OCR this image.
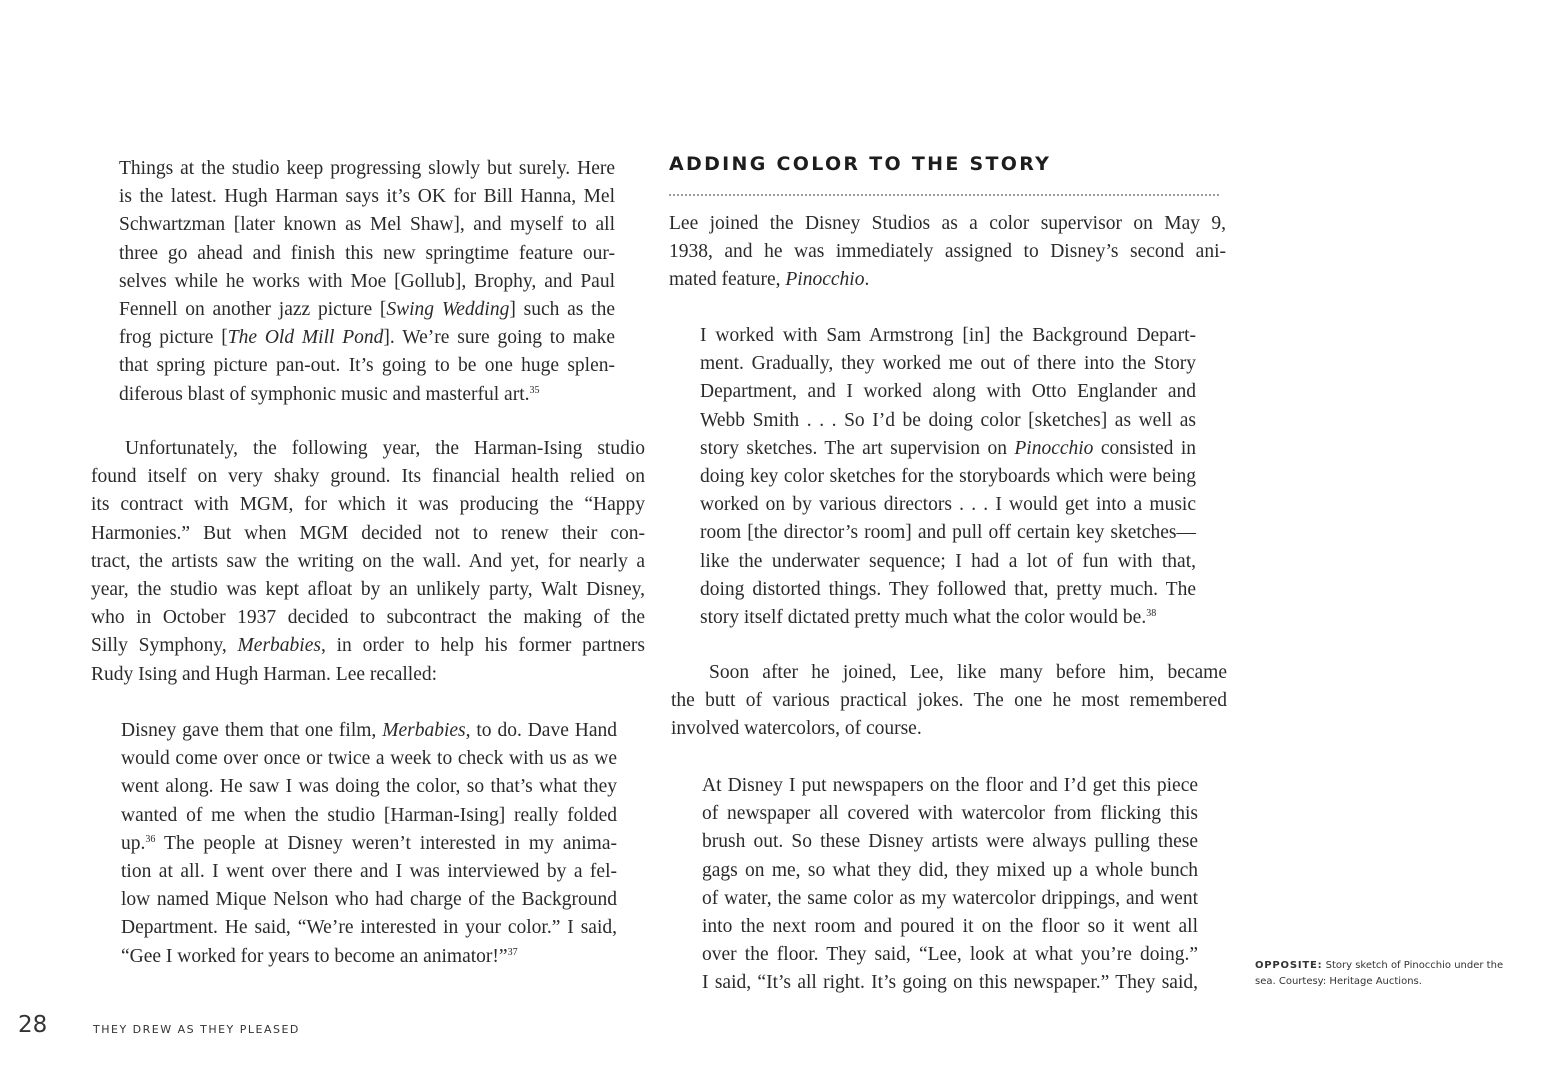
Things at the studio keep progressing slowly but surely. Here
is the latest. Hugh Harman says it’s OK for Bill Hanna, Mel
Schwartzman [later known as Mel Shaw], and myself to all
three go ahead and finish this new springtime feature our-
selves while he works with Moe [Gollub], Brophy, and Paul
Fennell on another jazz picture [Swing Wedding] such as the
frog picture [The Old Mill Pond]. We’re sure going to make
that spring picture pan-out. It’s going to be one huge splen-
diferous blast of symphonic music and masterful art.$^{35}$
Unfortunately, the following year, the Harman-Ising studio
found itself on very shaky ground. Its financial health relied on
its contract with MGM, for which it was producing the “Happy
Harmonies.” But when MGM decided not to renew their con-
tract, the artists saw the writing on the wall. And yet, for nearly a
year, the studio was kept afloat by an unlikely party, Walt Disney,
who in October 1937 decided to subcontract the making of the
Silly Symphony, Merbabies, in order to help his former partners
Rudy Ising and Hugh Harman. Lee recalled:
Disney gave them that one film, Merbabies, to do. Dave Hand
would come over once or twice a week to check with us as we
went along. He saw I was doing the color, so that’s what they
wanted of me when the studio [Harman-Ising] really folded
up.$^{36}$ The people at Disney weren’t interested in my anima-
tion at all. I went over there and I was interviewed by a fel-
low named Mique Nelson who had charge of the Background
Department. He said, “We’re interested in your color.” I said,
“Gee I worked for years to become an animator!”$^{37}$
ADDING COLOR TO THE STORY
Lee joined the Disney Studios as a color supervisor on May 9,
1938, and he was immediately assigned to Disney’s second ani-
mated feature, Pinocchio.
I worked with Sam Armstrong [in] the Background Depart-
ment. Gradually, they worked me out of there into the Story
Department, and I worked along with Otto Englander and
Webb Smith . . . So I’d be doing color [sketches] as well as
story sketches. The art supervision on Pinocchio consisted in
doing key color sketches for the storyboards which were being
worked on by various directors . . . I would get into a music
room [the director’s room] and pull off certain key sketches—
like the underwater sequence; I had a lot of fun with that,
doing distorted things. They followed that, pretty much. The
story itself dictated pretty much what the color would be.$^{38}$
Soon after he joined, Lee, like many before him, became
the butt of various practical jokes. The one he most remembered
involved watercolors, of course.
At Disney I put newspapers on the floor and I’d get this piece
of newspaper all covered with watercolor from flicking this
brush out. So these Disney artists were always pulling these
gags on me, so what they did, they mixed up a whole bunch
of water, the same color as my watercolor drippings, and went
into the next room and poured it on the floor so it went all
over the floor. They said, “Lee, look at what you’re doing.”
I said, “It’s all right. It’s going on this newspaper.” They said,

OPPOSITE: Story sketch of Pinocchio under the sea. Courtesy: Heritage Auctions.

28	THEY DREW AS THEY PLEASED
